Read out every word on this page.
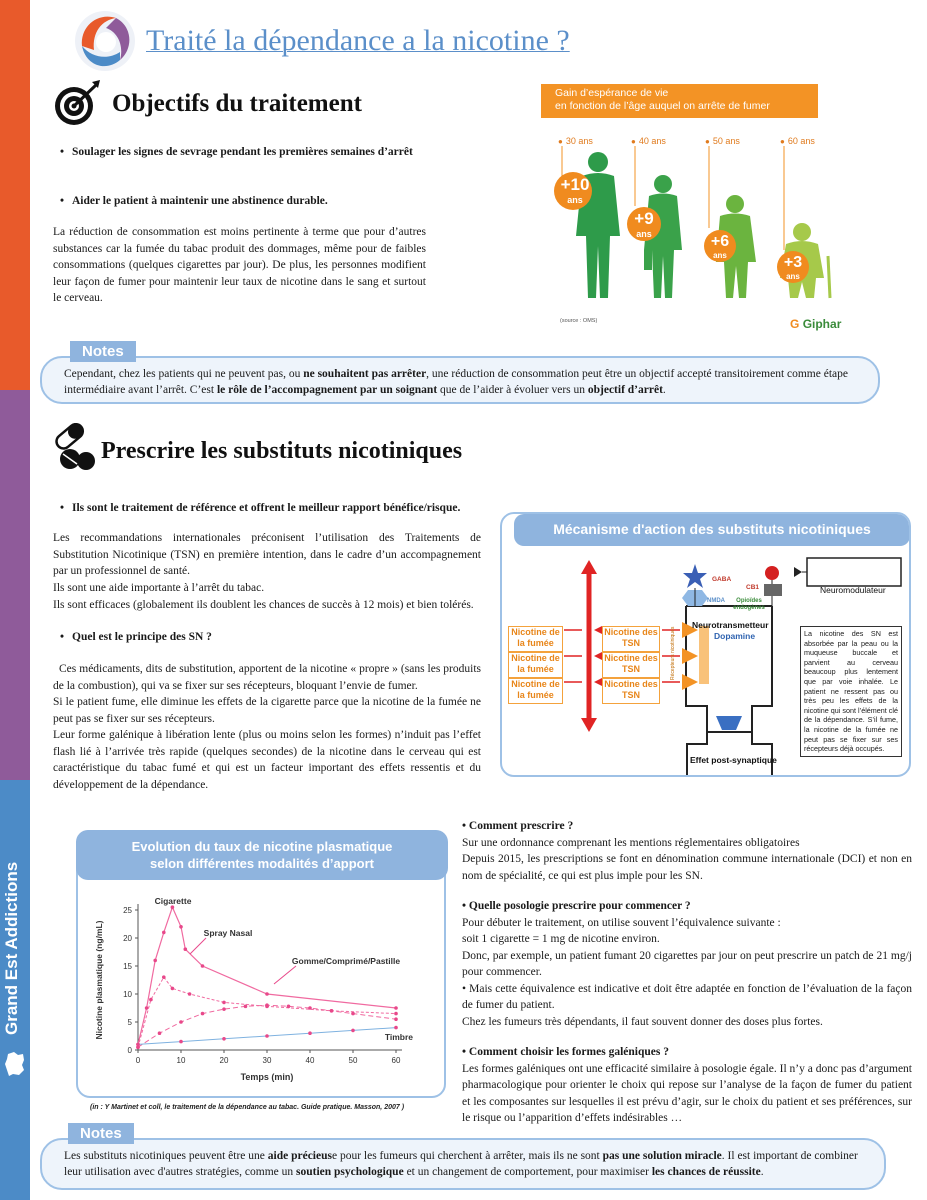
Traité la dépendance a la nicotine ?
Objectifs du traitement
• Soulager les signes de sevrage pendant les premières semaines d’arrêt
• Aider le patient à maintenir une abstinence durable.
La réduction de consommation est moins pertinente à terme que pour d’autres substances car la fumée du tabac produit des dommages, même pour de faibles consommations (quelques cigarettes par jour). De plus, les personnes modifient leur façon de fumer pour maintenir leur taux de nicotine dans le sang et surtout le cerveau.
Gain d’espérance de vie
en fonction de l’âge auquel on arrête de fumer
● 30 ans	● 40 ans	● 50 ans	● 60 ans
+10
ans
+9
ans	+6
ans	+3
ans
(source : OMS)	G Giphar
Cependant, chez les patients qui ne peuvent pas, ou ne souhaitent pas arrêter, une réduction de consommation peut être un objectif accepté transitoirement comme étape intermédiaire avant l’arrêt. C’est le rôle de l’accompagnement par un soignant que de l’aider à évoluer vers un objectif d’arrêt.
Notes
Prescrire les substituts nicotiniques
• Ils sont le traitement de référence et offrent le meilleur rapport bénéfice/risque.
Les recommandations internationales préconisent l’utilisation des Traitements de Substitution Nicotinique (TSN) en première intention, dans le cadre d’un accompagnement par un professionnel de santé.
Ils sont une aide importante à l’arrêt du tabac.
Ils sont efficaces (globalement ils doublent les chances de succès à 12 mois) et bien tolérés.
• Quel est le principe des SN ?
Ces médicaments, dits de substitution, apportent de la nicotine « propre » (sans les produits de la combustion), qui va se fixer sur ses récepteurs, bloquant l’envie de fumer.
Si le patient fume, elle diminue les effets de la cigarette parce que la nicotine de la fumée ne peut pas se fixer sur ses récepteurs.
Leur forme galénique à libération lente (plus ou moins selon les formes) n’induit pas l’effet flash lié à l’arrivée très rapide (quelques secondes) de la nicotine dans le cerveau qui est caractéristique du tabac fumé et qui est un facteur important des effets ressentis et du développement de la dépendance.
Mécanisme d'action des substituts nicotiniques
Nicotine de la fumée
Nicotine de la fumée
Nicotine de la fumée
Nicotine des TSN
Nicotine des TSN
Nicotine des TSN
GABA
NMDA
CB1
Opioïdes endogènes
Neuromodulateur
Neurotransmetteur
Dopamine
Récepteurs nicotiniques
Effet post-synaptique
La nicotine des SN est absorbée par la peau ou la muqueuse buccale et parvient au cerveau beaucoup plus lentement que par voie inhalée. Le patient ne ressent pas ou très peu les effets de la nicotine qui sont l’élément clé de la dépendance. S’il fume, la nicotine de la fumée ne peut pas se fixer sur ses récepteurs déjà occupés.
Evolution du taux de nicotine plasmatique
selon différentes modalités d’apport
0	10	20	30	40	50	60
0
5
10
15
20
25
Temps (min)
Nicotine plasmatique (ng/mL)
Cigarette
Spray Nasal
Gomme/Comprimé/Pastille
Timbre
(in : Y Martinet et coll, le traitement de la dépendance au tabac. Guide pratique. Masson, 2007 )
• Comment prescrire ?
Sur une ordonnance comprenant les mentions réglementaires obligatoires
Depuis 2015, les prescriptions se font en dénomination commune internationale (DCI) et non en nom de spécialité, ce qui est plus imple pour les SN.
• Quelle posologie prescrire pour commencer ?
Pour débuter le traitement, on utilise souvent l’équivalence suivante :
soit 1 cigarette = 1 mg de nicotine environ.
Donc, par exemple, un patient fumant 20 cigarettes par jour on peut prescrire un patch de 21 mg/j pour commencer.
• Mais cette équivalence est indicative et doit être adaptée en fonction de l’évaluation de la façon de fumer du patient.
Chez les fumeurs très dépendants, il faut souvent donner des doses plus fortes.
• Comment choisir les formes galéniques ?
Les formes galéniques ont une efficacité similaire à posologie égale. Il n’y a donc pas d’argument pharmacologique pour orienter le choix qui repose sur l’analyse de la façon de fumer du patient et les composantes sur lesquelles il est prévu d’agir, sur le choix du patient et ses préférences, sur le risque ou l’apparition d’effets indésirables …
Les substituts nicotiniques peuvent être une aide précieuse pour les fumeurs qui cherchent à arrêter, mais ils ne sont pas une solution miracle. Il est important de combiner leur utilisation avec d'autres stratégies, comme un soutien psychologique et un changement de comportement, pour maximiser les chances de réussite.
Notes
